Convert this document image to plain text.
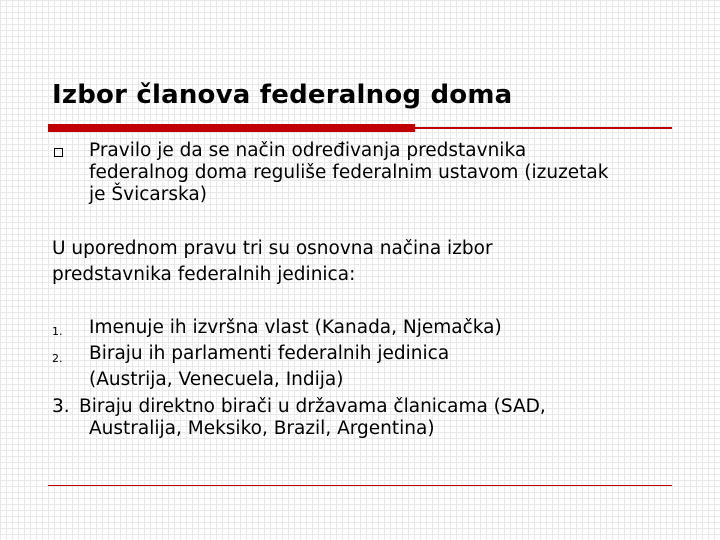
Izbor članova federalnog doma
Pravilo je da se način određivanja predstavnika
federalnog doma reguliše federalnim ustavom (izuzetak
je Švicarska)
U uporednom pravu tri su osnovna načina izbor
predstavnika federalnih jedinica:
1. Imenuje ih izvršna vlast (Kanada, Njemačka)
2. Biraju ih parlamenti federalnih jedinica
(Austrija, Venecuela, Indija)
3. Biraju direktno birači u državama članicama (SAD,
Australija, Meksiko, Brazil, Argentina)
